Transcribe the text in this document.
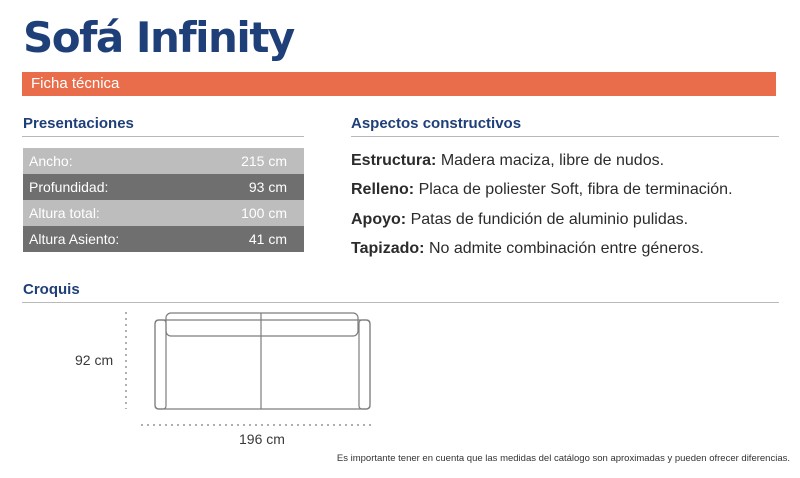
Sofá Infinity
Ficha técnica
Presentaciones
Ancho:	215 cm
Profundidad:	93 cm
Altura total:	100 cm
Altura Asiento:	41 cm
Aspectos constructivos
Estructura: Madera maciza, libre de nudos.
Relleno: Placa de poliester Soft, fibra de terminación.
Apoyo: Patas de fundición de aluminio pulidas.
Tapizado: No admite combinación entre géneros.
Croquis
92 cm
196 cm
Es importante tener en cuenta que las medidas del catálogo son aproximadas y pueden ofrecer diferencias.
